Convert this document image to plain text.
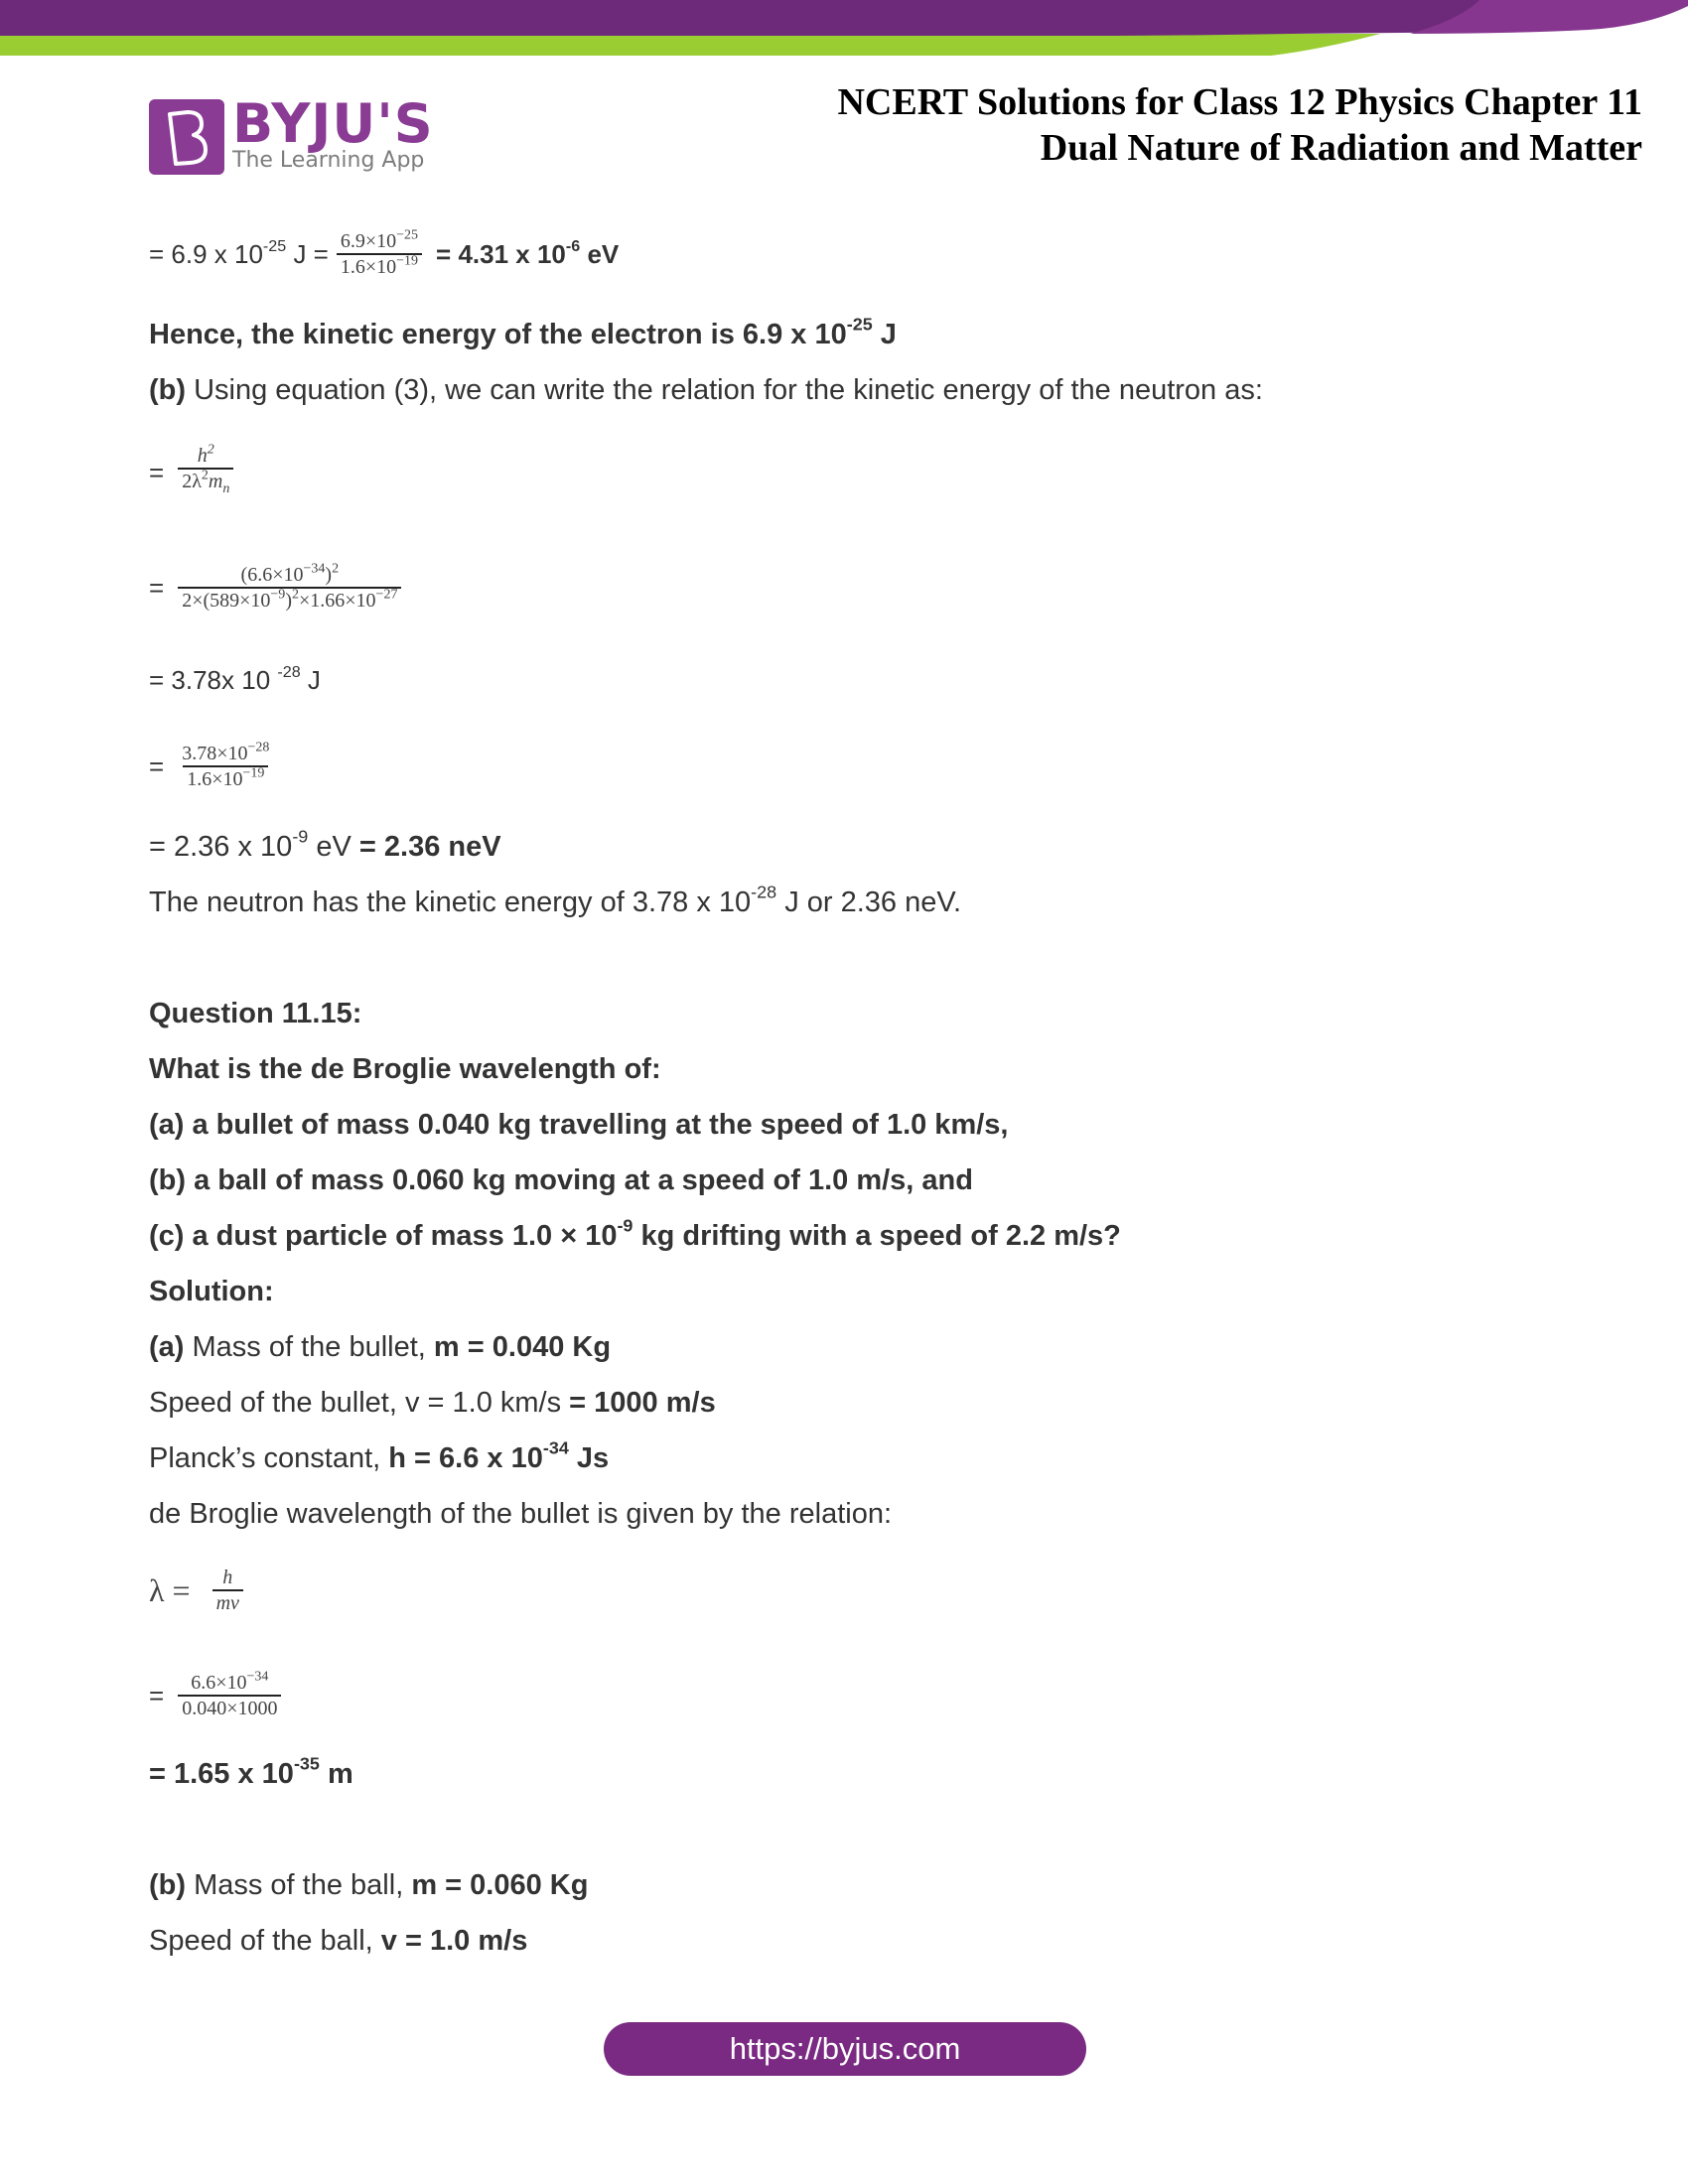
BYJU'S
The Learning App
NCERT Solutions for Class 12 Physics Chapter 11
Dual Nature of Radiation and Matter
= 6.9 x $10^{-25}$ $J = \frac{6.9\times 10^{-25}}{1.6\times 10^{-19}} = 4.31$ x $10^{-6}$ eV
Hence, the kinetic energy of the electron is 6.9 x $10^{-25}$ J
(b) Using equation (3), we can write the relation for the kinetic energy of the neutron as:
= $\frac{h^2}{2\lambda^2m_n}$
= $\frac{(6.6\times 10^{-34})^2}{2\times(589\times 10^{-9})^2\times 1.66\times 10^{-27}}$
= 3.78x 10 $^{-28}$ J
= $\frac{3.78\times 10^{-28}}{1.6\times 10^{-19}}$
= 2.36 x $10^{-9}$ eV = 2.36 neV
The neutron has the kinetic energy of 3.78 x $10^{-28}$ J or 2.36 neV.
Question 11.15:
What is the de Broglie wavelength of:
(a) a bullet of mass 0.040 kg travelling at the speed of 1.0 km/s,
(b) a ball of mass 0.060 kg moving at a speed of 1.0 m/s, and
(c) a dust particle of mass $1.0 \times 10^{-9}$ kg drifting with a speed of 2.2 m/s?
Solution:
(a) Mass of the bullet, m = 0.040 Kg
Speed of the bullet, v = 1.0 km/s = 1000 m/s
Planck’s constant, h = 6.6 x $10^{-34}$ Js
de Broglie wavelength of the bullet is given by the relation:
$\lambda = \frac{h}{mv}$
= $\frac{6.6\times 10^{-34}}{0.040\times 1000}$
= 1.65 x $10^{-35}$ m
(b) Mass of the ball, m = 0.060 Kg
Speed of the ball, v = 1.0 m/s
https://byjus.com
